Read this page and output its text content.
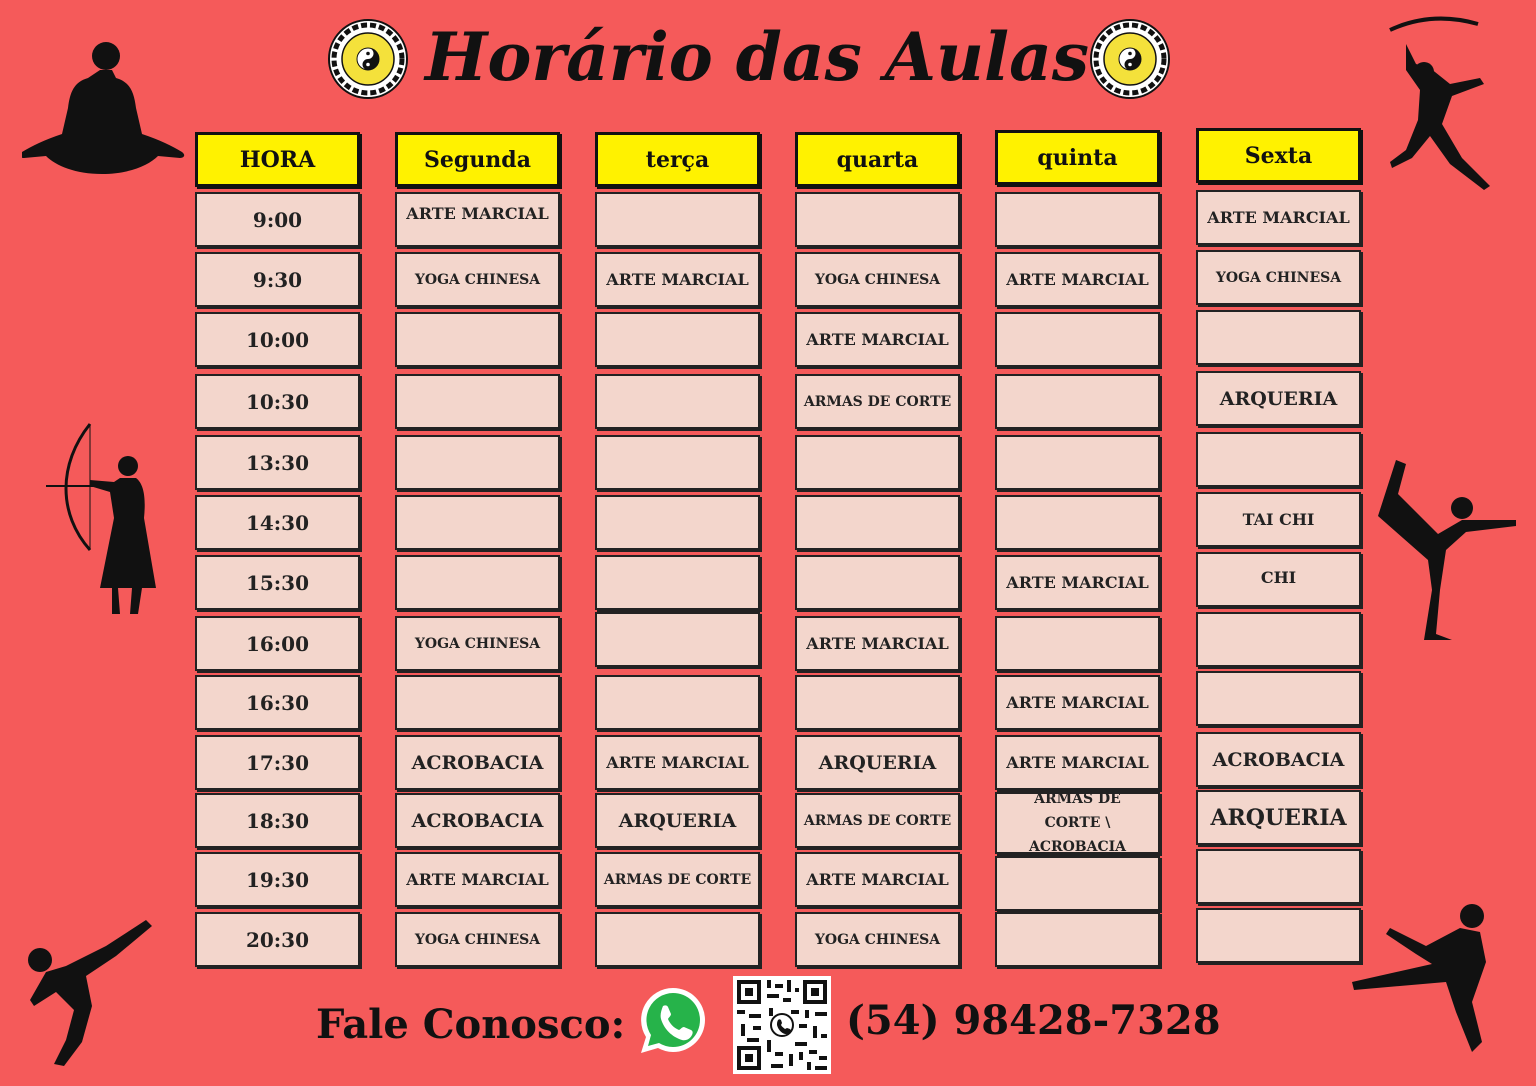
Horário das Aulas
HORA
9:00
9:30
10:00
10:30
13:30
14:30
15:30
16:00
16:30
17:30
18:30
19:30
20:30
Segunda
ARTE MARCIAL
YOGA CHINESA
YOGA CHINESA
ACROBACIA
ACROBACIA
ARTE MARCIAL
YOGA CHINESA
terça
ARTE MARCIAL
ARTE MARCIAL
ARQUERIA
ARMAS DE CORTE
quarta
YOGA CHINESA
ARTE MARCIAL
ARMAS DE CORTE
ARTE MARCIAL
ARQUERIA
ARMAS DE CORTE
ARTE MARCIAL
YOGA CHINESA
quinta
ARTE MARCIAL
ARTE MARCIAL
ARTE MARCIAL
ARTE MARCIAL
ARMAS DE CORTE \ ACROBACIA
Sexta
ARTE MARCIAL
YOGA CHINESA
ARQUERIA
TAI CHI
CHI
ACROBACIA
ARQUERIA
Fale Conosco:	(54) 98428-7328
